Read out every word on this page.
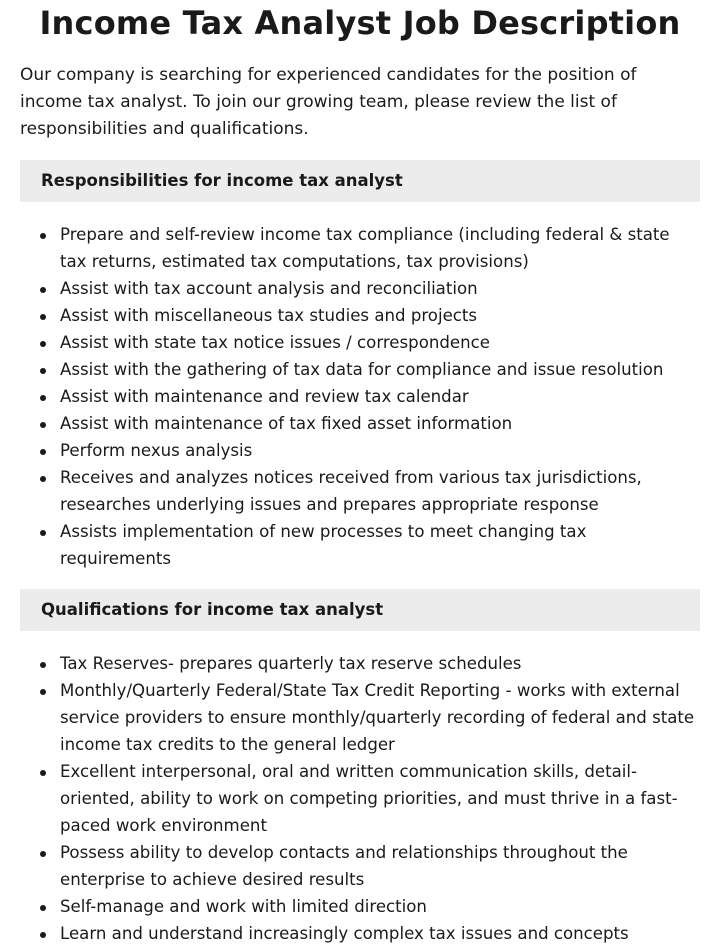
Income Tax Analyst Job Description

Our company is searching for experienced candidates for the position of income tax analyst. To join our growing team, please review the list of responsibilities and qualifications.

Responsibilities for income tax analyst
Prepare and self-review income tax compliance (including federal & state tax returns, estimated tax computations, tax provisions)
Assist with tax account analysis and reconciliation
Assist with miscellaneous tax studies and projects
Assist with state tax notice issues / correspondence
Assist with the gathering of tax data for compliance and issue resolution
Assist with maintenance and review tax calendar
Assist with maintenance of tax fixed asset information
Perform nexus analysis
Receives and analyzes notices received from various tax jurisdictions, researches underlying issues and prepares appropriate response
Assists implementation of new processes to meet changing tax requirements
Qualifications for income tax analyst
Tax Reserves- prepares quarterly tax reserve schedules
Monthly/Quarterly Federal/State Tax Credit Reporting - works with external service providers to ensure monthly/quarterly recording of federal and state income tax credits to the general ledger
Excellent interpersonal, oral and written communication skills, detail-oriented, ability to work on competing priorities, and must thrive in a fast-paced work environment
Possess ability to develop contacts and relationships throughout the enterprise to achieve desired results
Self-manage and work with limited direction
Learn and understand increasingly complex tax issues and concepts
